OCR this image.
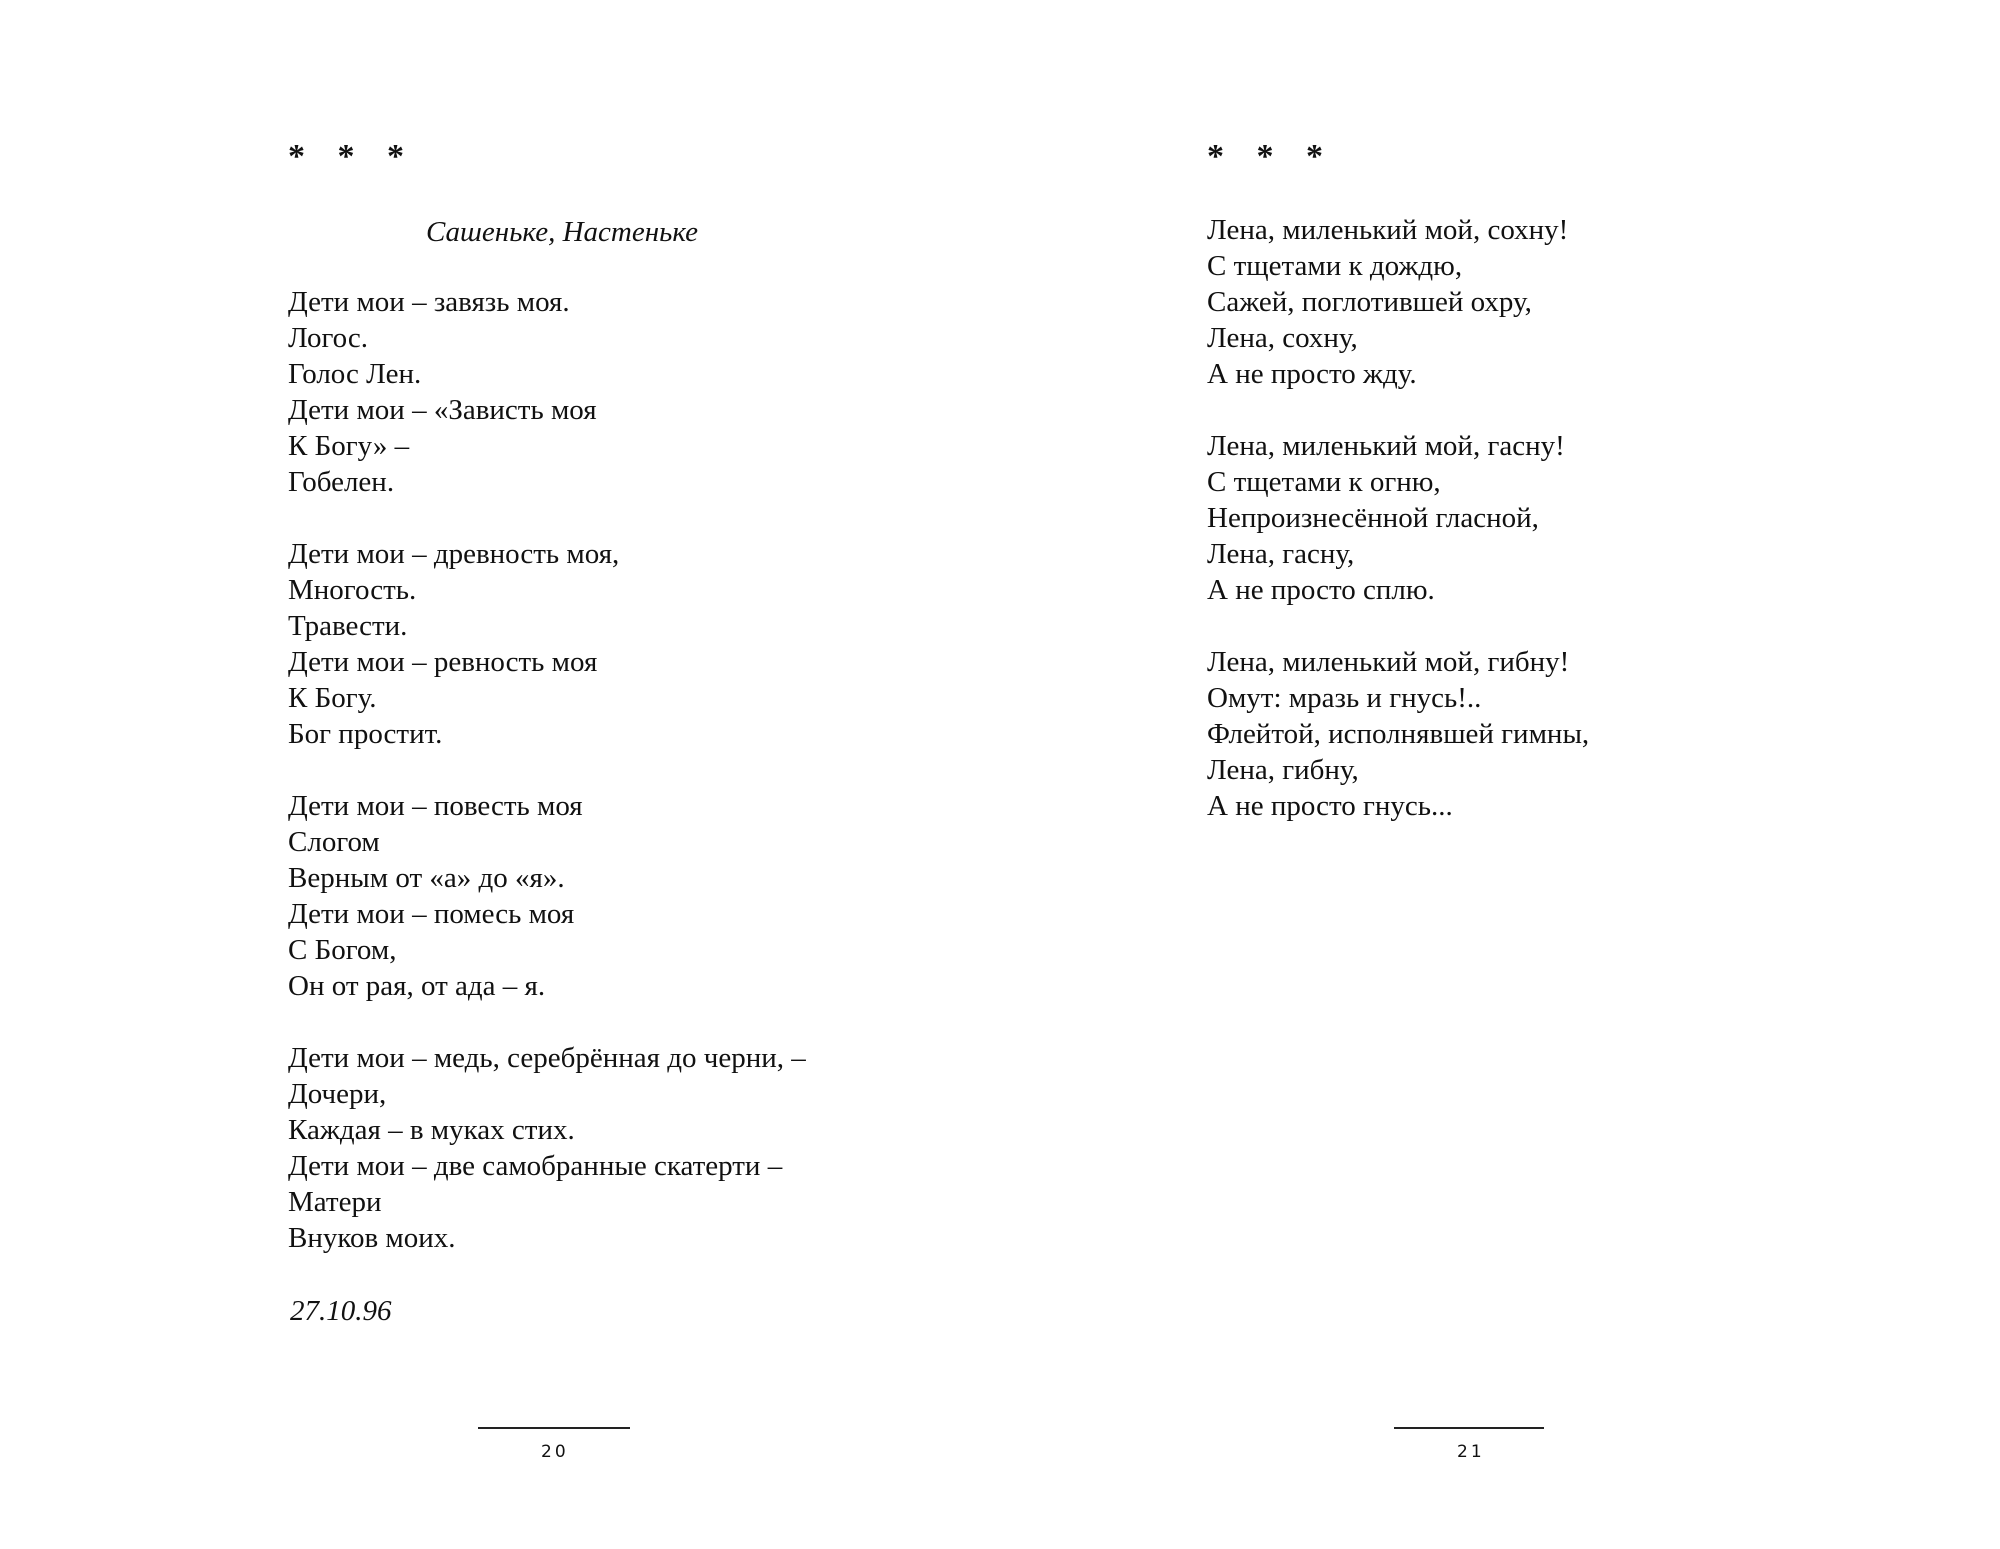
* * *
Сашеньке, Настеньке
Дети мои – завязь моя.
Логос.
Голос Лен.
Дети мои – «Зависть моя
К Богу» –
Гобелен.
Дети мои – древность моя,
Многость.
Травести.
Дети мои – ревность моя
К Богу.
Бог простит.
Дети мои – повесть моя
Слогом
Верным от «а» до «я».
Дети мои – помесь моя
С Богом,
Он от рая, от ада – я.
Дети мои – медь, серебрённая до черни, –
Дочери,
Каждая – в муках стих.
Дети мои – две самобранные скатерти –
Матери
Внуков моих.
27.10.96
20
* * *
Лена, миленький мой, сохну!
С тщетами к дождю,
Сажей, поглотившей охру,
Лена, сохну,
А не просто жду.
Лена, миленький мой, гасну!
С тщетами к огню,
Непроизнесённой гласной,
Лена, гасну,
А не просто сплю.
Лена, миленький мой, гибну!
Омут: мразь и гнусь!..
Флейтой, исполнявшей гимны,
Лена, гибну,
А не просто гнусь...
21
